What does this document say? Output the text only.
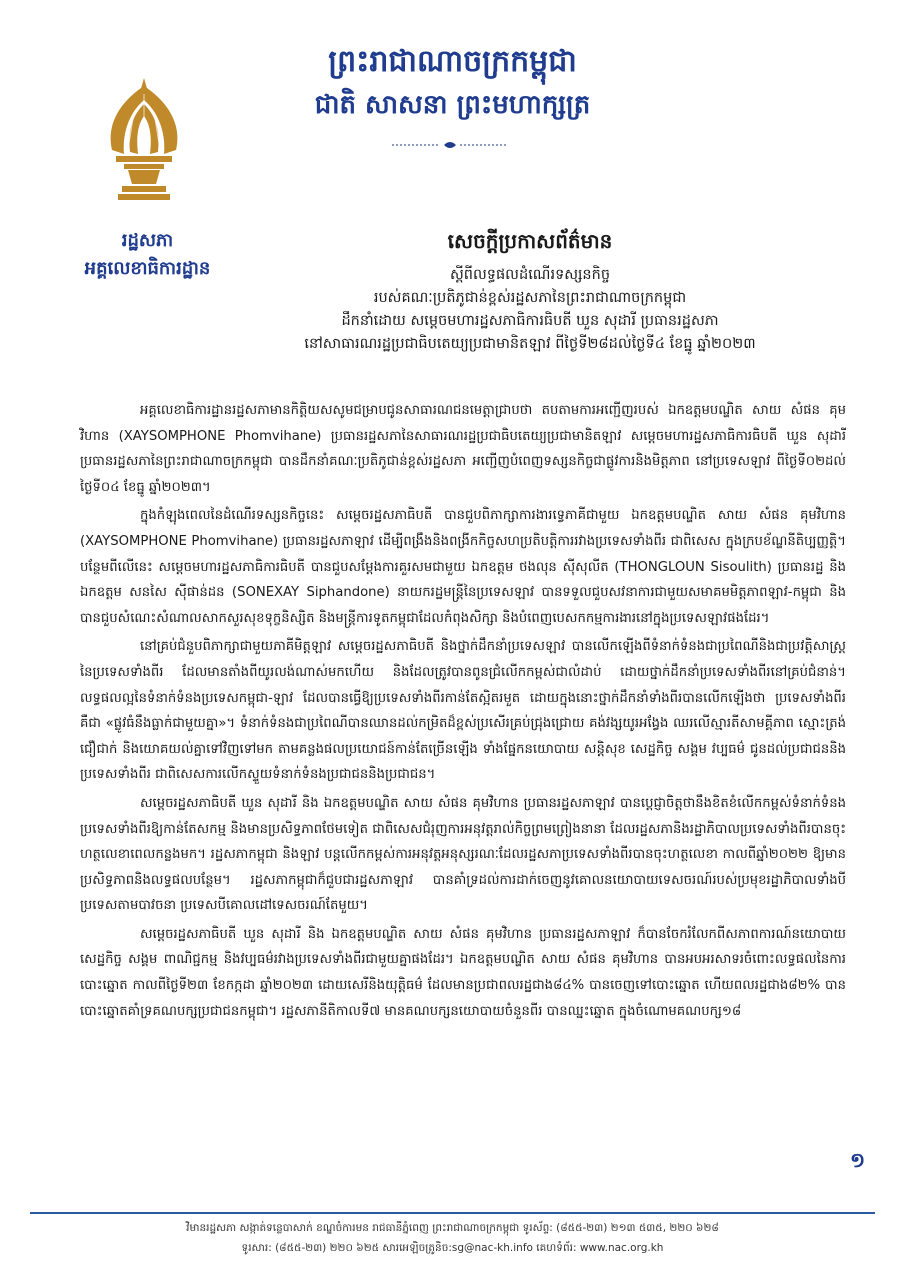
ព្រះរាជាណាចក្រកម្ពុជា
ជាតិ សាសនា ព្រះមហាក្សត្រ
រដ្ឋសភា
អគ្គលេខាធិការដ្ឋាន
សេចក្តីប្រកាសព័ត៌មាន
ស្តីពីលទ្ធផលដំណើរទស្សនកិច្ច
របស់គណៈប្រតិភូជាន់ខ្ពស់រដ្ឋសភានៃព្រះរាជាណាចក្រកម្ពុជា
ដឹកនាំដោយ សម្តេចមហារដ្ឋសភាធិការធិបតី ឃួន សុដារី ប្រធានរដ្ឋសភា
នៅសាធារណរដ្ឋប្រជាធិបតេយ្យប្រជាមានិតឡាវ ពីថ្ងៃទី២៨ដល់ថ្ងៃទី៤ ខែធ្នូ ឆ្នាំ២០២៣

អគ្គលេខាធិការដ្ឋានរដ្ឋសភាមានកិត្តិយសសូមជម្រាបជូនសាធារណជនមេត្តាជ្រាបថា តបតាមការអញ្ជើញរបស់ ឯកឧត្តមបណ្ឌិត សាយ សំផន គុមវិហាន (XAYSOMPHONE Phomvihane) ប្រធានរដ្ឋសភានៃសាធារណរដ្ឋប្រជាធិបតេយ្យប្រជាមានិតឡាវ សម្តេចមហារដ្ឋសភាធិការធិបតី ឃួន សុដារី ប្រធានរដ្ឋសភានៃព្រះរាជាណាចក្រកម្ពុជា បានដឹកនាំគណៈប្រតិភូជាន់ខ្ពស់រដ្ឋសភា អញ្ជើញបំពេញទស្សនកិច្ចជាផ្លូវការនិងមិត្តភាព នៅប្រទេសឡាវ ពីថ្ងៃទី០២ដល់ថ្ងៃទី០៤ ខែធ្នូ ឆ្នាំ២០២៣។

ក្នុងកំឡុងពេលនៃដំណើរទស្សនកិច្ចនេះ សម្តេចរដ្ឋសភាធិបតី បានជួបពិភាក្សាការងារទ្វេភាគីជាមួយ ឯកឧត្តមបណ្ឌិត សាយ សំផន គុមវិហាន (XAYSOMPHONE Phomvihane) ប្រធានរដ្ឋសភាឡាវ ដើម្បីពង្រឹងនិងពង្រីកកិច្ចសហប្រតិបត្តិការរវាងប្រទេសទាំងពីរ ជាពិសេស ក្នុងក្របខ័ណ្ឌនីតិប្បញ្ញត្តិ។ បន្ថែមពីលើនេះ សម្តេចមហារដ្ឋសភាធិការធិបតី បានជួបសម្តែងការគួរសមជាមួយ ឯកឧត្តម ថងលុន ស៊ីសុលីត (THONGLOUN Sisoulith) ប្រធានរដ្ឋ និង ឯកឧត្តម សនសៃ ស៊ីផាន់ដន (SONEXAY Siphandone) នាយករដ្ឋមន្ត្រីនៃប្រទេសឡាវ បានទទួលជួបសវនាការជាមួយសមាគមមិត្តភាពឡាវ-កម្ពុជា និងបានជួបសំណេះសំណាលសាកសួរសុខទុក្ខនិស្សិត និងមន្ត្រីការទូតកម្ពុជាដែលកំពុងសិក្សា និងបំពេញបេសកកម្មការងារនៅក្នុងប្រទេសឡាវផងដែរ។

នៅគ្រប់ជំនួបពិភាក្សាជាមួយភាគីមិត្តឡាវ សម្តេចរដ្ឋសភាធិបតី និងថ្នាក់ដឹកនាំប្រទេសឡាវ បានលើកឡើងពីទំនាក់ទំនងជាប្រពៃណីនិងជាប្រវត្តិសាស្ត្រនៃប្រទេសទាំងពីរ ដែលមានតាំងពីយូរលង់ណាស់មកហើយ និងដែលត្រូវបានពូនជ្រំលើកកម្ពស់ជាលំដាប់ ដោយថ្នាក់ដឹកនាំប្រទេសទាំងពីរនៅគ្រប់ជំនាន់។ លទ្ធផលល្អនៃទំនាក់ទំនងប្រទេសកម្ពុជា-ឡាវ ដែលបានធ្វើឱ្យប្រទេសទាំងពីរកាន់តែស្អិតរមួត ដោយក្នុងនោះថ្នាក់ដឹកនាំទាំងពីរបានលើកឡើងថា ប្រទេសទាំងពីរគឺជា «ផ្លូវធំនឹងធ្លាក់ជាមួយគ្នា»។ ទំនាក់ទំនងជាប្រពៃណីបានឈានដល់កម្រិតដ៏ខ្ពស់ប្រសើរគ្រប់ជ្រុងជ្រោយ គង់វង្សយូរអង្វែង ឈរលើស្មារតីសាមគ្គីភាព ស្មោះត្រង់ ជឿជាក់ និងយោគយល់គ្នាទៅវិញទៅមក តាមគន្លងផលប្រយោជន៍កាន់តែច្រើនឡើង ទាំងផ្នែកនយោបាយ សន្តិសុខ សេដ្ឋកិច្ច សង្គម វប្បធម៌ ជូនដល់ប្រជាជននិងប្រទេសទាំងពីរ ជាពិសេសការលើកស្ទួយទំនាក់ទំនងប្រជាជននិងប្រជាជន។

សម្តេចរដ្ឋសភាធិបតី ឃួន សុដារី និង ឯកឧត្តមបណ្ឌិត សាយ សំផន គុមវិហាន ប្រធានរដ្ឋសភាឡាវ បានប្តេជ្ញាចិត្តថានឹងខិតខំលើកកម្ពស់ទំនាក់ទំនងប្រទេសទាំងពីរឱ្យកាន់តែសកម្ម និងមានប្រសិទ្ធភាពថែមទៀត ជាពិសេសជំរុញការអនុវត្តរាល់កិច្ចព្រមព្រៀងនានា ដែលរដ្ឋសភានិងរដ្ឋាភិបាលប្រទេសទាំងពីរបានចុះហត្ថលេខាពេលកន្លងមក។ រដ្ឋសភាកម្ពុជា និងឡាវ បន្តលើកកម្ពស់ការអនុវត្តអនុស្សរណៈដែលរដ្ឋសភាប្រទេសទាំងពីរបានចុះហត្ថលេខា កាលពីឆ្នាំ២០២២ ឱ្យមានប្រសិទ្ធភាពនិងលទ្ធផលបន្ថែម។ រដ្ឋសភាកម្ពុជាក៏ជួបជារដ្ឋសភាឡាវ បានគាំទ្រដល់ការដាក់ចេញនូវគោលនយោបាយទេសចរណ៍របស់ប្រមុខរដ្ឋាភិបាលទាំងបីប្រទេសតាមបាវចនា ប្រទេសបីគោលដៅទេសចរណ៍តែមួយ។

សម្តេចរដ្ឋសភាធិបតី ឃួន សុដារី និង ឯកឧត្តមបណ្ឌិត សាយ សំផន គុមវិហាន ប្រធានរដ្ឋសភាឡាវ ក៏បានចែករំលែកពីសភាពការណ៍នយោបាយ សេដ្ឋកិច្ច សង្គម ពាណិជ្ជកម្ម និងវប្បធម៌រវាងប្រទេសទាំងពីរជាមួយគ្នាផងដែរ។ ឯកឧត្តមបណ្ឌិត សាយ សំផន គុមវិហាន បានអបអរសាទរចំពោះលទ្ធផលនៃការបោះឆ្នោត កាលពីថ្ងៃទី២៣ ខែកក្កដា ឆ្នាំ២០២៣ ដោយសេរីនិងយុត្តិធម៌ ដែលមានប្រជាពលរដ្ឋជាង៨៤% បានចេញទៅបោះឆ្នោត ហើយពលរដ្ឋជាង៨២% បានបោះឆ្នោតគាំទ្រគណបក្សប្រជាជនកម្ពុជា។ រដ្ឋសភានីតិកាលទី៧ មានគណបក្សនយោបាយចំនួនពីរ បានឈ្នះឆ្នោត ក្នុងចំណោមគណបក្ស១៨

១
វិមានរដ្ឋសភា សង្កាត់ទន្លេបាសាក់ ខណ្ឌចំការមន រាជធានីភ្នំពេញ ព្រះរាជាណាចក្រកម្ពុជា ទូរស័ព្ទ: (៨៥៥-២៣) ២១៣ ៥៣៥, ២២០ ៦២៨
ទូរសារ: (៨៥៥-២៣) ២២០ ៦២៥ សារអេឡិចត្រូនិច:sg@nac-kh.info គេហទំព័រ: www.nac.org.kh
